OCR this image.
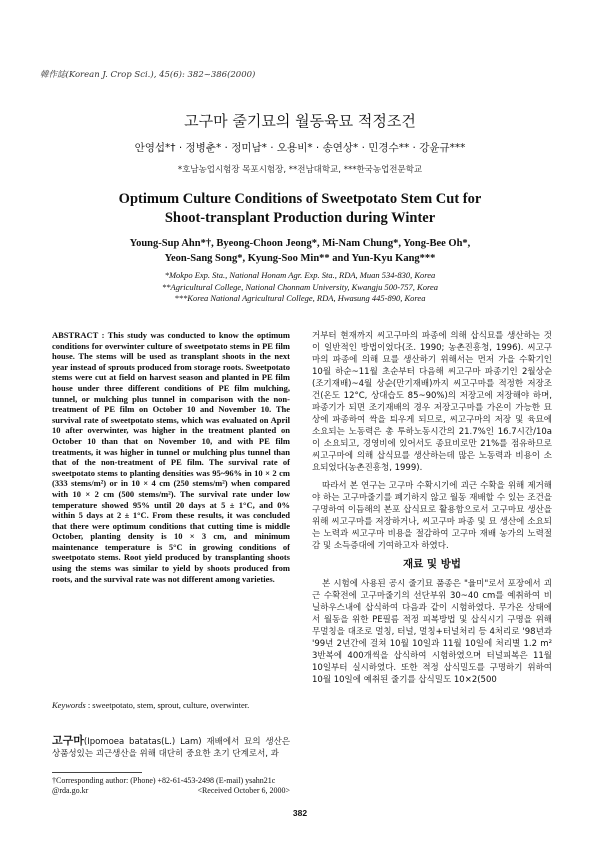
韓作誌(Korean J. Crop Sci.), 45(6): 382~386(2000)
고구마 줄기묘의 월동육묘 적정조건
안영섭*† · 정병춘* · 정미남* · 오용비* · 송연상* · 민경수** · 강윤규***
*호남농업시험장 목포시험장, **전남대학교, ***한국농업전문학교
Optimum Culture Conditions of Sweetpotato Stem Cut for
Shoot-transplant Production during Winter
Young-Sup Ahn*†, Byeong-Choon Jeong*, Mi-Nam Chung*, Yong-Bee Oh*,
Yeon-Sang Song*, Kyung-Soo Min** and Yun-Kyu Kang***
*Mokpo Exp. Sta., National Honam Agr. Exp. Sta., RDA, Muan 534-830, Korea
**Agricultural College, National Chonnam University, Kwangju 500-757, Korea
***Korea National Agricultural College, RDA, Hwasung 445-890, Korea
ABSTRACT : This study was conducted to know the optimum conditions for overwinter culture of sweetpotato stems in PE film house. The stems will be used as transplant shoots in the next year instead of sprouts produced from storage roots. Sweetpotato stems were cut at field on harvest season and planted in PE film house under three different conditions of PE film mulching, tunnel, or mulching plus tunnel in comparison with the non-treatment of PE film on October 10 and November 10. The survival rate of sweetpotato stems, which was evaluated on April 10 after overwinter, was higher in the treatment planted on October 10 than that on November 10, and with PE film treatments, it was higher in tunnel or mulching plus tunnel than that of the non-treatment of PE film. The survival rate of sweetpotato stems to planting densities was 95~96% in 10 × 2 cm (333 stems/m²) or in 10 × 4 cm (250 stems/m²) when compared with 10 × 2 cm (500 stems/m²). The survival rate under low temperature showed 95% until 20 days at 5 ± 1°C, and 0% within 5 days at 2 ± 1°C. From these results, it was concluded that there were optimum conditions that cutting time is middle October, planting density is 10 × 3 cm, and minimum maintenance temperature is 5°C in growing conditions of sweetpotato stems. Root yield produced by transplanting shoots using the stems was similar to yield by shoots produced from roots, and the survival rate was not different among varieties.
Keywords : sweetpotato, stem, sprout, culture, overwinter.
고구마(Ipomoea batatas(L.) Lam) 재배에서 묘의 생산은 상품성있는 괴근생산을 위해 대단히 중요한 초기 단계로서, 과
†Corresponding author: (Phone) +82-61-453-2498 (E-mail) ysahn21c
@rda.go.kr	<Received October 6, 2000>

거부터 현재까지 씨고구마의 파종에 의해 삽식묘를 생산하는 것이 일반적인 방법이었다(조. 1990; 농촌진흥청, 1996). 씨고구마의 파종에 의해 묘를 생산하기 위해서는 먼저 가을 수확기인 10월 하순~11월 초순부터 다음해 씨고구마 파종기인 2월상순(조기재배)~4월 상순(만기재배)까지 씨고구마를 적정한 저장조건(온도 12°C, 상대습도 85~90%)의 저장고에 저장해야 하며, 파종기가 되면 조기재배의 경우 저장고구마를 가온이 가능한 묘상에 파종하여 싹을 틔우게 되므로, 씨고구마의 저장 및 육묘에 소요되는 노동력은 총 투하노동시간의 21.7%인 16.7시간/10a이 소요되고, 경영비에 있어서도 종묘비로만 21%를 점유하므로 씨고구마에 의해 삽식묘를 생산하는데 많은 노동력과 비용이 소요되었다(농촌진흥청, 1999).

따라서 본 연구는 고구마 수확시기에 괴근 수확을 위해 제거해야 하는 고구마줄기를 폐기하지 않고 월동 재배할 수 있는 조건을 구명하여 이듬해의 본포 삽식묘로 활용함으로서 고구마묘 생산을 위해 씨고구마를 저장하거나, 씨고구마 파종 및 묘 생산에 소요되는 노력과 씨고구마 비용을 절감하여 고구마 재배 농가의 노력절감 및 소득증대에 기여하고자 하였다.

재료 및 방법

본 시험에 사용된 공시 줄기묘 품종은 "율미"로서 포장에서 괴근 수확전에 고구마줄기의 선단부위 30~40 cm를 예취하여 비닐하우스내에 삽식하여 다음과 같이 시험하였다. 무가온 상태에서 월동을 위한 PE필름 적정 피복방법 및 삽식시기 구명을 위해 무멀칭을 대조로 멀칭, 터널, 멀칭+터널처리 등 4처리로 '98년과 '99년 2년간에 걸쳐 10월 10일과 11월 10일에 처리별 1.2 m² 3반복에 400개씩을 삽식하여 시험하였으며 터널피복은 11월 10일부터 실시하였다. 또한 적정 삽식밀도를 구명하기 위하여 10월 10일에 예취된 줄기를 삽식밀도 10×2(500

382
